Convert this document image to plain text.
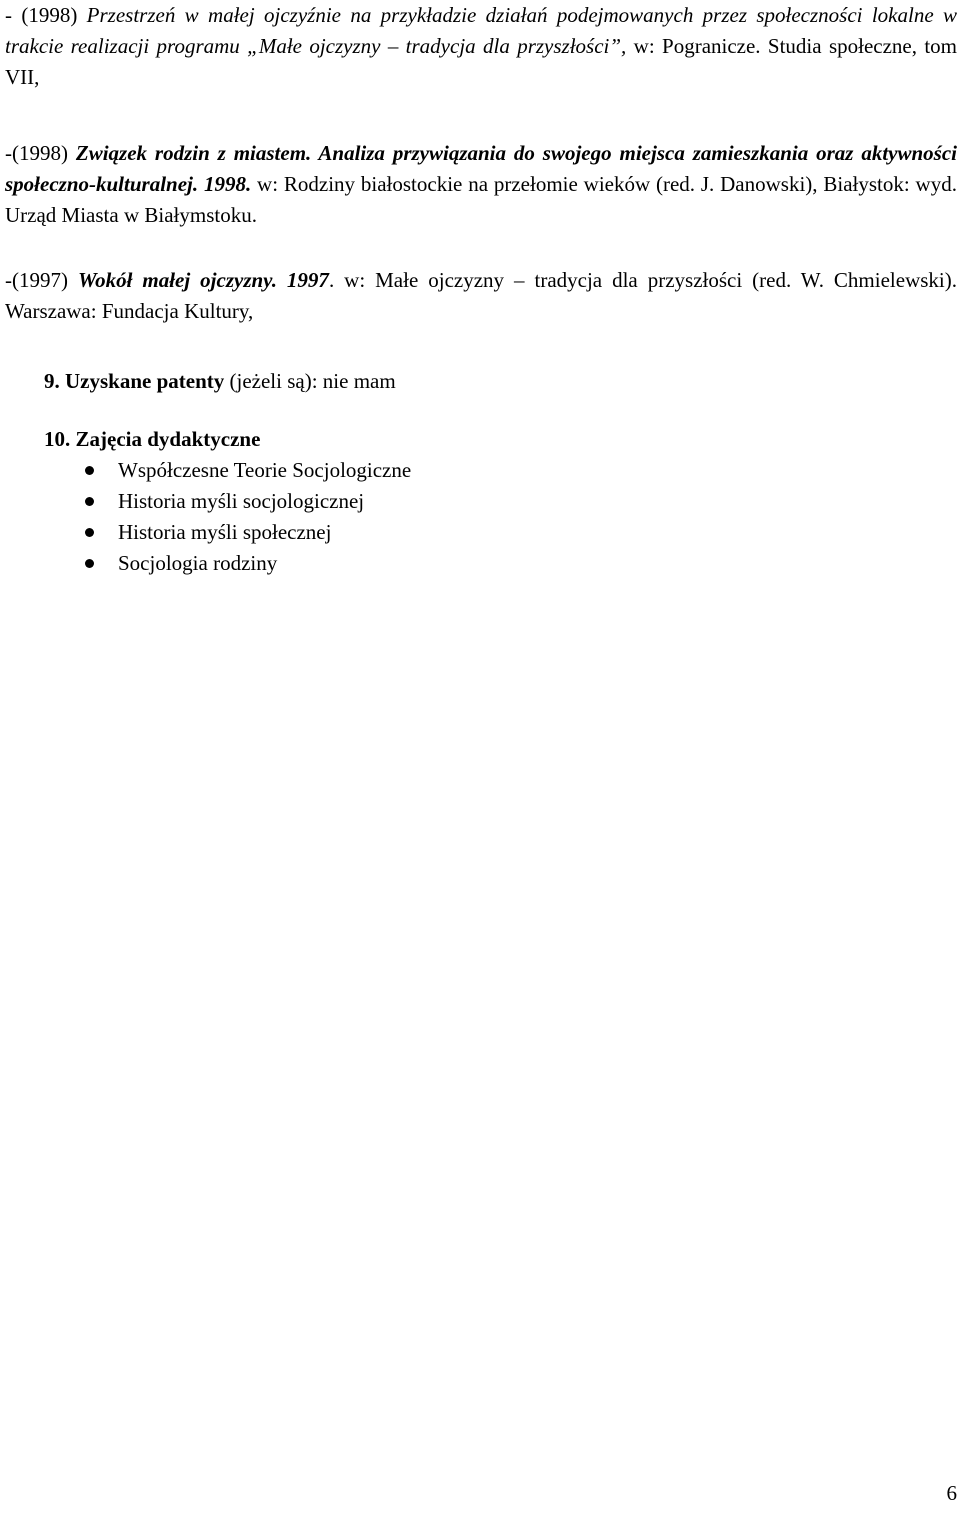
- (1998) Przestrzeń w małej ojczyźnie na przykładzie działań podejmowanych przez społeczności lokalne w trakcie realizacji programu „Małe ojczyzny – tradycja dla przyszłości”, w: Pogranicze. Studia społeczne, tom VII,
-(1998) Związek rodzin z miastem. Analiza przywiązania do swojego miejsca zamieszkania oraz aktywności społeczno-kulturalnej. 1998. w: Rodziny białostockie na przełomie wieków (red. J. Danowski), Białystok: wyd. Urząd Miasta w Białymstoku.
-(1997) Wokół małej ojczyzny. 1997. w: Małe ojczyzny – tradycja dla przyszłości (red. W. Chmielewski). Warszawa: Fundacja Kultury,
9. Uzyskane patenty (jeżeli są): nie mam
10. Zajęcia dydaktyczne
Współczesne Teorie Socjologiczne
Historia myśli socjologicznej
Historia myśli społecznej
Socjologia rodziny
6
